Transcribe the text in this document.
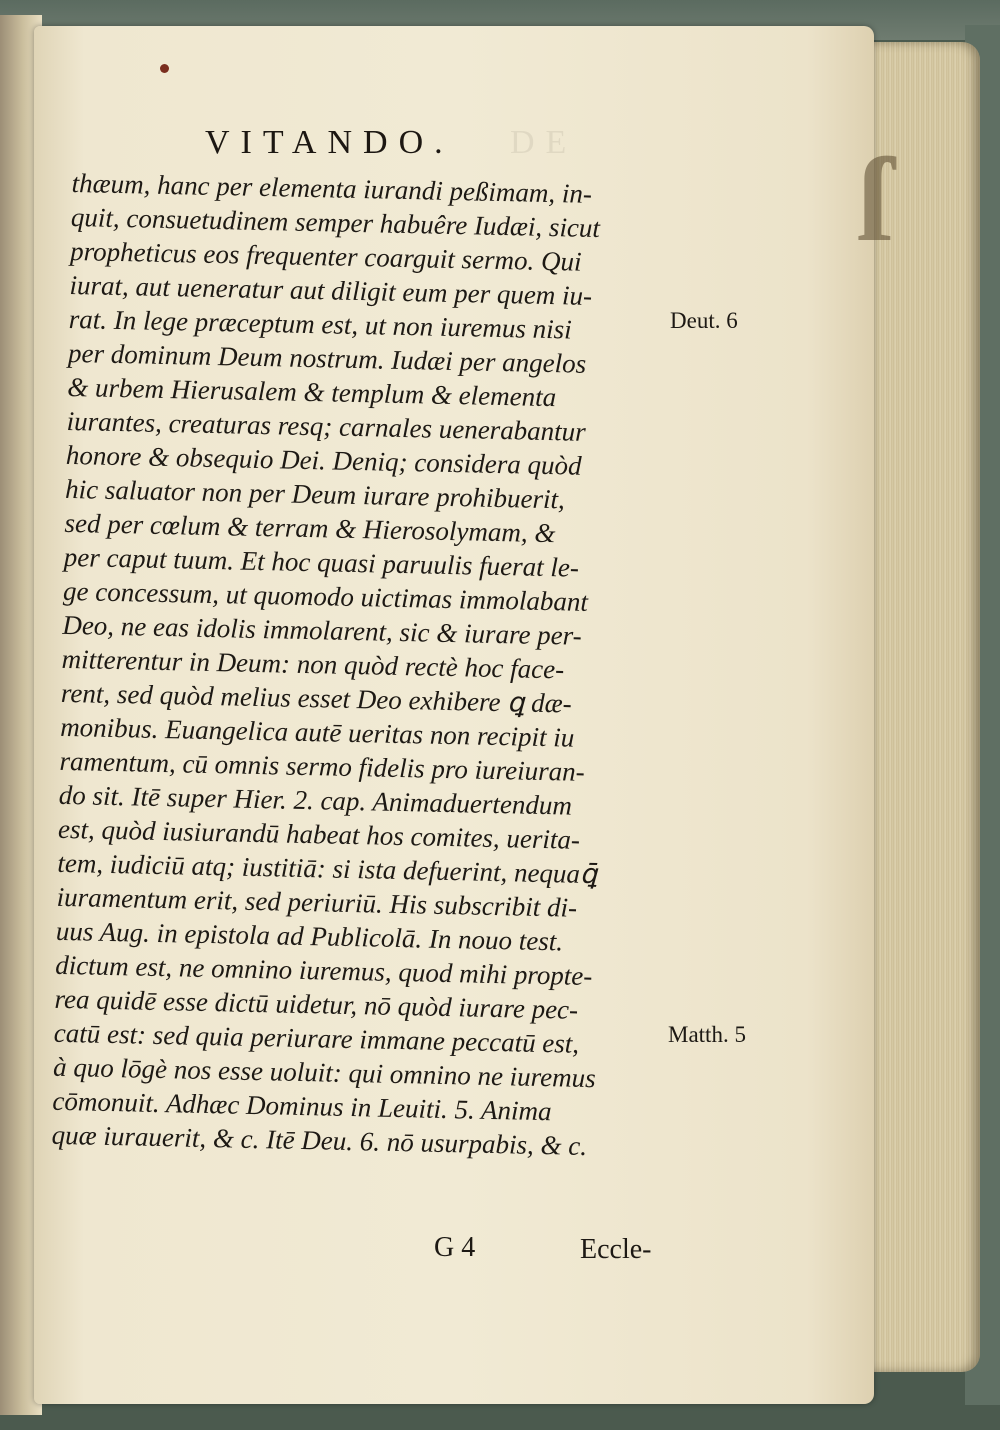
ſ
VITANDO. DE
thæum, hanc per elementa iurandi peßimam, in-
quit, consuetudinem semper habuêre Iudæi, sicut
propheticus eos frequenter coarguit sermo. Qui
iurat, aut ueneratur aut diligit eum per quem iu-
rat. In lege præceptum est, ut non iuremus nisi
per dominum Deum nostrum. Iudæi per angelos
& urbem Hierusalem & templum & elementa
iurantes, creaturas resq; carnales uenerabantur
honore & obsequio Dei. Deniq; considera quòd
hic saluator non per Deum iurare prohibuerit,
sed per cœlum & terram & Hierosolymam, &
per caput tuum. Et hoc quasi paruulis fuerat le-
ge concessum, ut quomodo uictimas immolabant
Deo, ne eas idolis immolarent, sic & iurare per-
mitterentur in Deum: non quòd rectè hoc face-
rent, sed quòd melius esset Deo exhibere ꝗ dæ-
monibus. Euangelica autē ueritas non recipit iu
ramentum, cū omnis sermo fidelis pro iureiuran-
do sit. Itē super Hier. 2. cap. Animaduertendum
est, quòd iusiurandū habeat hos comites, uerita-
tem, iudiciū atq; iustitiā: si ista defuerint, nequaꝗ̄
iuramentum erit, sed periuriū. His subscribit di-
uus Aug. in epistola ad Publicolā. In nouo test.
dictum est, ne omnino iuremus, quod mihi propte-
rea quidē esse dictū uidetur, nō quòd iurare pec-
catū est: sed quia periurare immane peccatū est,
à quo lōgè nos esse uoluit: qui omnino ne iuremus
cōmonuit. Adhæc Dominus in Leuiti. 5. Anima
quæ iurauerit, & c. Itē Deu. 6. nō usurpabis, & c.
Deut. 6
Matth. 5
G 4	Eccle-
